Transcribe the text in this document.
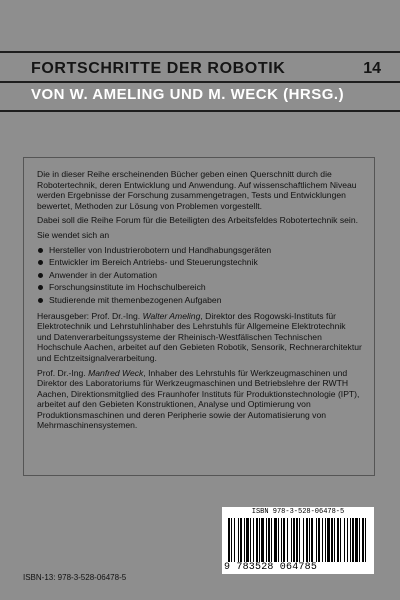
FORTSCHRITTE DER ROBOTIK	14
VON W. AMELING UND M. WECK (HRSG.)

Die in dieser Reihe erscheinenden Bücher geben einen Querschnitt durch die Robotertechnik, deren Entwicklung und Anwendung. Auf wissenschaftlichem Niveau werden Ergebnisse der Forschung zusammengetragen, Tests und Entwicklungen bewertet, Methoden zur Lösung von Problemen vorgestellt.

Dabei soll die Reihe Forum für die Beteiligten des Arbeitsfeldes Robotertechnik sein.

Sie wendet sich an

Hersteller von Industrierobotern und Handhabungsgeräten
Entwickler im Bereich Antriebs- und Steuerungstechnik
Anwender in der Automation
Forschungsinstitute im Hochschulbereich
Studierende mit themenbezogenen Aufgaben

Herausgeber: Prof. Dr.-Ing. Walter Ameling, Direktor des Rogowski-Instituts für Elektrotechnik und Lehrstuhlinhaber des Lehrstuhls für Allgemeine Elektrotechnik und Datenverarbeitungssysteme der Rheinisch-Westfälischen Technischen Hochschule Aachen, arbeitet auf den Gebieten Robotik, Sensorik, Rechnerarchitektur und Echtzeitsignalverarbeitung.

Prof. Dr.-Ing. Manfred Weck, Inhaber des Lehrstuhls für Werkzeugmaschinen und Direktor des Laboratoriums für Werkzeugmaschinen und Betriebslehre der RWTH Aachen, Direktionsmitglied des Fraunhofer Instituts für Produktionstechnologie (IPT), arbeitet auf den Gebieten Konstruktionen, Analyse und Optimierung von Produktionsmaschinen und deren Peripherie sowie der Automatisierung von Mehrmaschinensystemen.

ISBN 978-3-528-06478-5
9 783528 064785
ISBN-13: 978-3-528-06478-5
